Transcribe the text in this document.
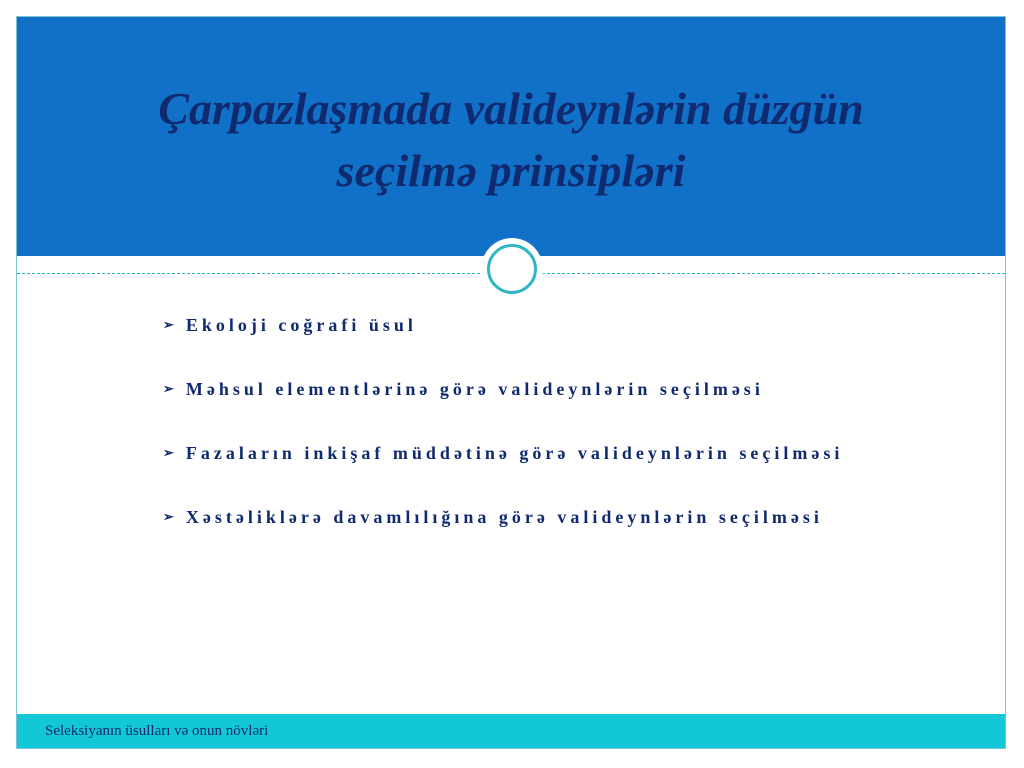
Çarpazlaşmada valideynlərin düzgün seçilmə prinsipləri
➢ Ekoloji coğrafi üsul
➢ Məhsul elementlərinə görə valideynlərin seçilməsi
➢ Fazaların inkişaf müddətinə görə valideynlərin seçilməsi
➢ Xəstəliklərə davamlılığına görə valideynlərin seçilməsi
Seleksiyanın üsulları və onun növləri
